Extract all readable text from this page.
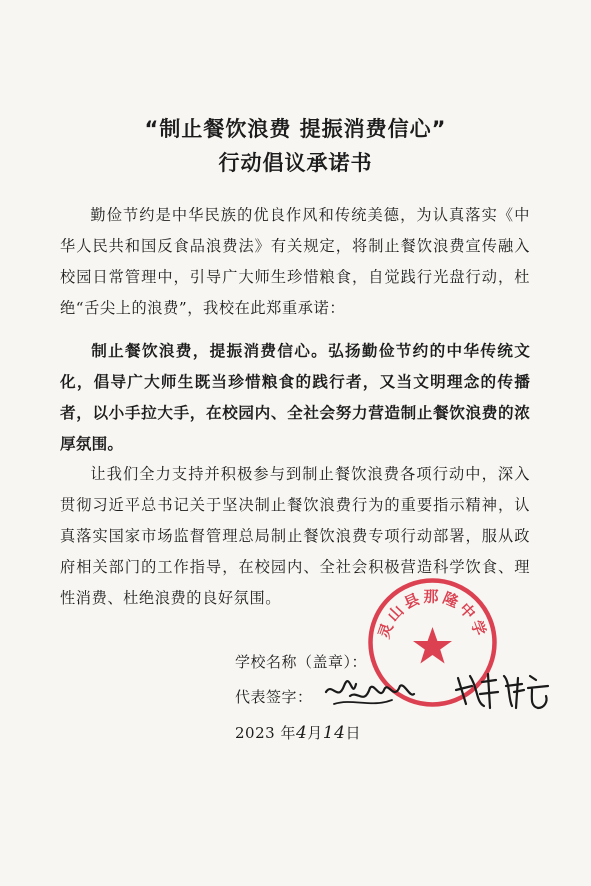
“制止餐饮浪费 提振消费信心”
行动倡议承诺书
勤俭节约是中华民族的优良作风和传统美德，为认真落实《中华人民共和国反食品浪费法》有关规定，将制止餐饮浪费宣传融入校园日常管理中，引导广大师生珍惜粮食，自觉践行光盘行动，杜绝“舌尖上的浪费”，我校在此郑重承诺：
制止餐饮浪费，提振消费信心。弘扬勤俭节约的中华传统文化，倡导广大师生既当珍惜粮食的践行者，又当文明理念的传播者，以小手拉大手，在校园内、全社会努力营造制止餐饮浪费的浓厚氛围。
让我们全力支持并积极参与到制止餐饮浪费各项行动中，深入贯彻习近平总书记关于坚决制止餐饮浪费行为的重要指示精神，认真落实国家市场监督管理总局制止餐饮浪费专项行动部署，服从政府相关部门的工作指导，在校园内、全社会积极营造科学饮食、理性消费、杜绝浪费的良好氛围。
灵山县那隆中学
学校名称（盖章）：
代表签字：
2023 年4月14日
